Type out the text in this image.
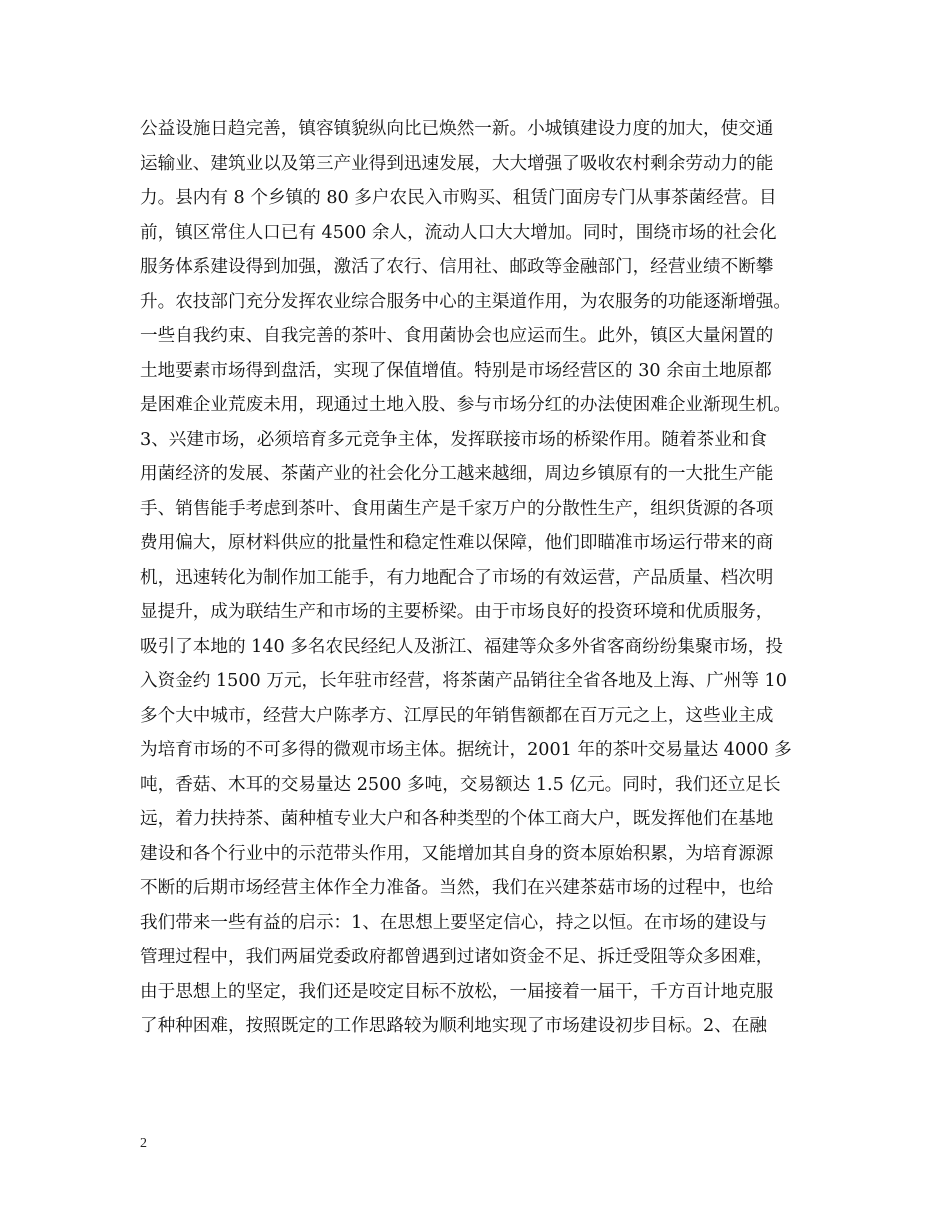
公益设施日趋完善，镇容镇貌纵向比已焕然一新。小城镇建设力度的加大，使交通
运输业、建筑业以及第三产业得到迅速发展，大大增强了吸收农村剩余劳动力的能
力。县内有 8 个乡镇的 80 多户农民入市购买、租赁门面房专门从事茶菌经营。目
前，镇区常住人口已有 4500 余人，流动人口大大增加。同时，围绕市场的社会化
服务体系建设得到加强，激活了农行、信用社、邮政等金融部门，经营业绩不断攀
升。农技部门充分发挥农业综合服务中心的主渠道作用，为农服务的功能逐渐增强。
一些自我约束、自我完善的茶叶、食用菌协会也应运而生。此外，镇区大量闲置的
土地要素市场得到盘活，实现了保值增值。特别是市场经营区的 30 余亩土地原都
是困难企业荒废未用，现通过土地入股、参与市场分红的办法使困难企业渐现生机。
3、兴建市场，必须培育多元竞争主体，发挥联接市场的桥梁作用。随着茶业和食
用菌经济的发展、茶菌产业的社会化分工越来越细，周边乡镇原有的一大批生产能
手、销售能手考虑到茶叶、食用菌生产是千家万户的分散性生产，组织货源的各项
费用偏大，原材料供应的批量性和稳定性难以保障，他们即瞄准市场运行带来的商
机，迅速转化为制作加工能手，有力地配合了市场的有效运营，产品质量、档次明
显提升，成为联结生产和市场的主要桥梁。由于市场良好的投资环境和优质服务，
吸引了本地的 140 多名农民经纪人及浙江、福建等众多外省客商纷纷集聚市场，投
入资金约 1500 万元，长年驻市经营，将茶菌产品销往全省各地及上海、广州等 10
多个大中城市，经营大户陈孝方、江厚民的年销售额都在百万元之上，这些业主成
为培育市场的不可多得的微观市场主体。据统计，2001 年的茶叶交易量达 4000 多
吨，香菇、木耳的交易量达 2500 多吨，交易额达 1.5 亿元。同时，我们还立足长
远，着力扶持茶、菌种植专业大户和各种类型的个体工商大户，既发挥他们在基地
建设和各个行业中的示范带头作用，又能增加其自身的资本原始积累，为培育源源
不断的后期市场经营主体作全力准备。当然，我们在兴建茶菇市场的过程中，也给
我们带来一些有益的启示：1、在思想上要坚定信心，持之以恒。在市场的建设与
管理过程中，我们两届党委政府都曾遇到过诸如资金不足、拆迁受阻等众多困难，
由于思想上的坚定，我们还是咬定目标不放松，一届接着一届干，千方百计地克服
了种种困难，按照既定的工作思路较为顺利地实现了市场建设初步目标。2、在融
2
